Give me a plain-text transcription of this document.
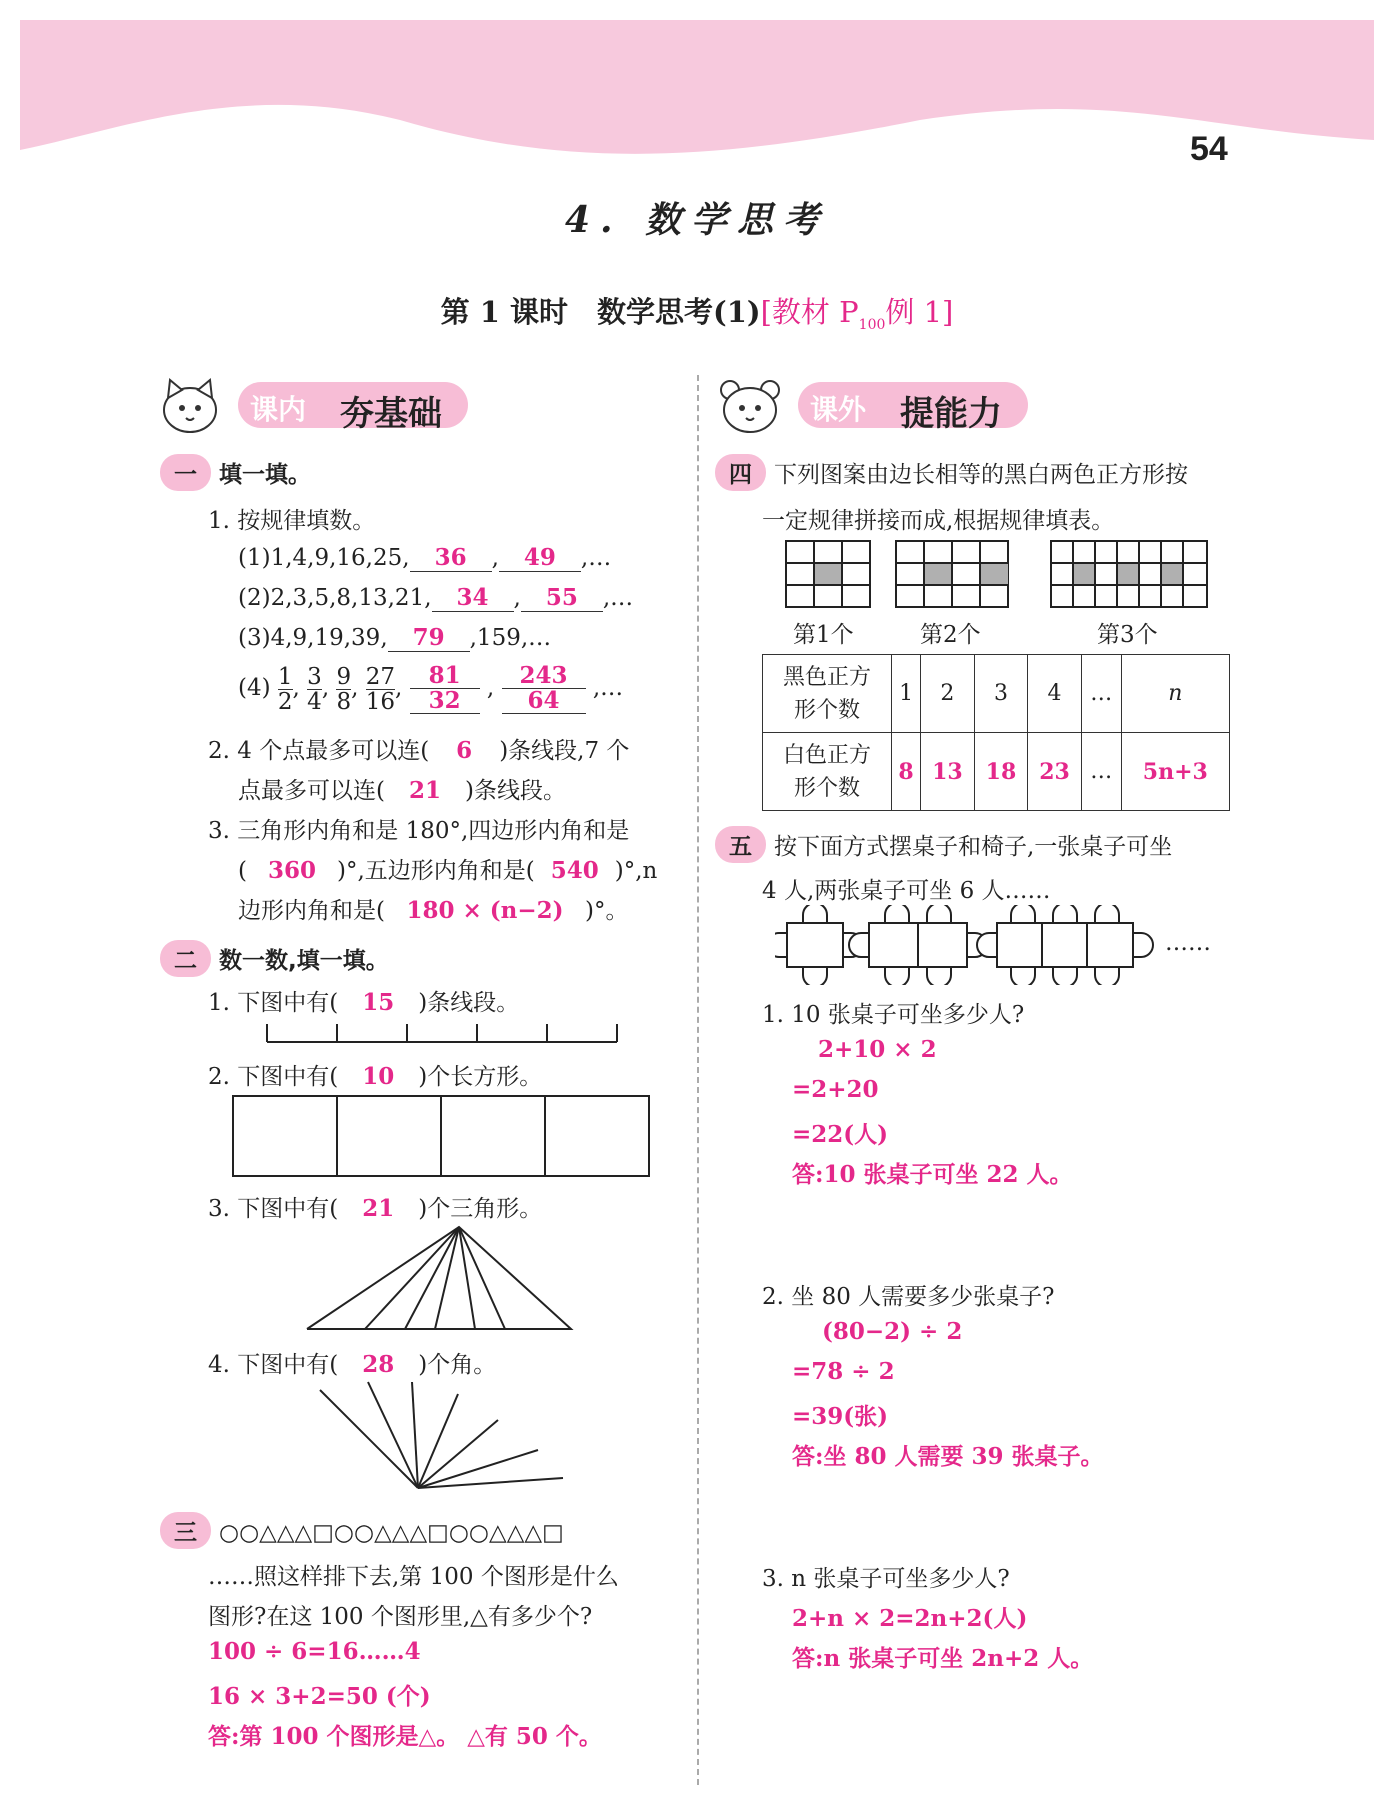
54
4. 数学思考
第 1 课时　数学思考(1)[教材 $P_{100}$例 1]
课内 夯基础	课外 提能力
一 填一填。
1. 按规律填数。
(1)1,4,9,16,25, 36 , 49 ,…
(2)2,3,5,8,13,21, 34 , 55 ,…
(3)4,9,19,39, 79 ,159,…
$(4) \frac{1}{2}$ , $\frac{3}{4}$ , $\frac{9}{8}$ , $\frac{27}{16}$ , $\frac{81}{32}$ , $\frac{243}{64}$ ,…
2. 4 个点最多可以连( 6 )条线段,7 个
点最多可以连( 21 )条线段。
3. 三角形内角和是 180°,四边形内角和是
( 360 )°,五边形内角和是( 540 )°,n
边形内角和是( 180 × (n−2) )°。
二 数一数,填一填。
1. 下图中有( 15 )条线段。
2. 下图中有( 10 )个长方形。
3. 下图中有( 21 )个三角形。
4. 下图中有( 28 )个角。
三 ○○△△△□○○△△△□○○△△△□
……照这样排下去,第 100 个图形是什么
图形?在这 100 个图形里,△有多少个?
100 ÷ 6=16……4
16 × 3+2=50 (个)
答:第 100 个图形是△。 △有 50 个。
四 下列图案由边长相等的黑白两色正方形按
一定规律拼接而成,根据规律填表。
第1个	第2个	第3个
黑色正方
形个数	1	2	3	4	…	n
白色正方
形个数	8	13	18	23	…	5n+3
五 按下面方式摆桌子和椅子,一张桌子可坐
4 人,两张桌子可坐 6 人……
……
1. 10 张桌子可坐多少人?
2+10 × 2
=2+20
=22(人)
答:10 张桌子可坐 22 人。
2. 坐 80 人需要多少张桌子?
(80−2) ÷ 2
=78 ÷ 2
=39(张)
答:坐 80 人需要 39 张桌子。
3. n 张桌子可坐多少人?
2+n × 2=2n+2(人)
答:n 张桌子可坐 2n+2 人。
